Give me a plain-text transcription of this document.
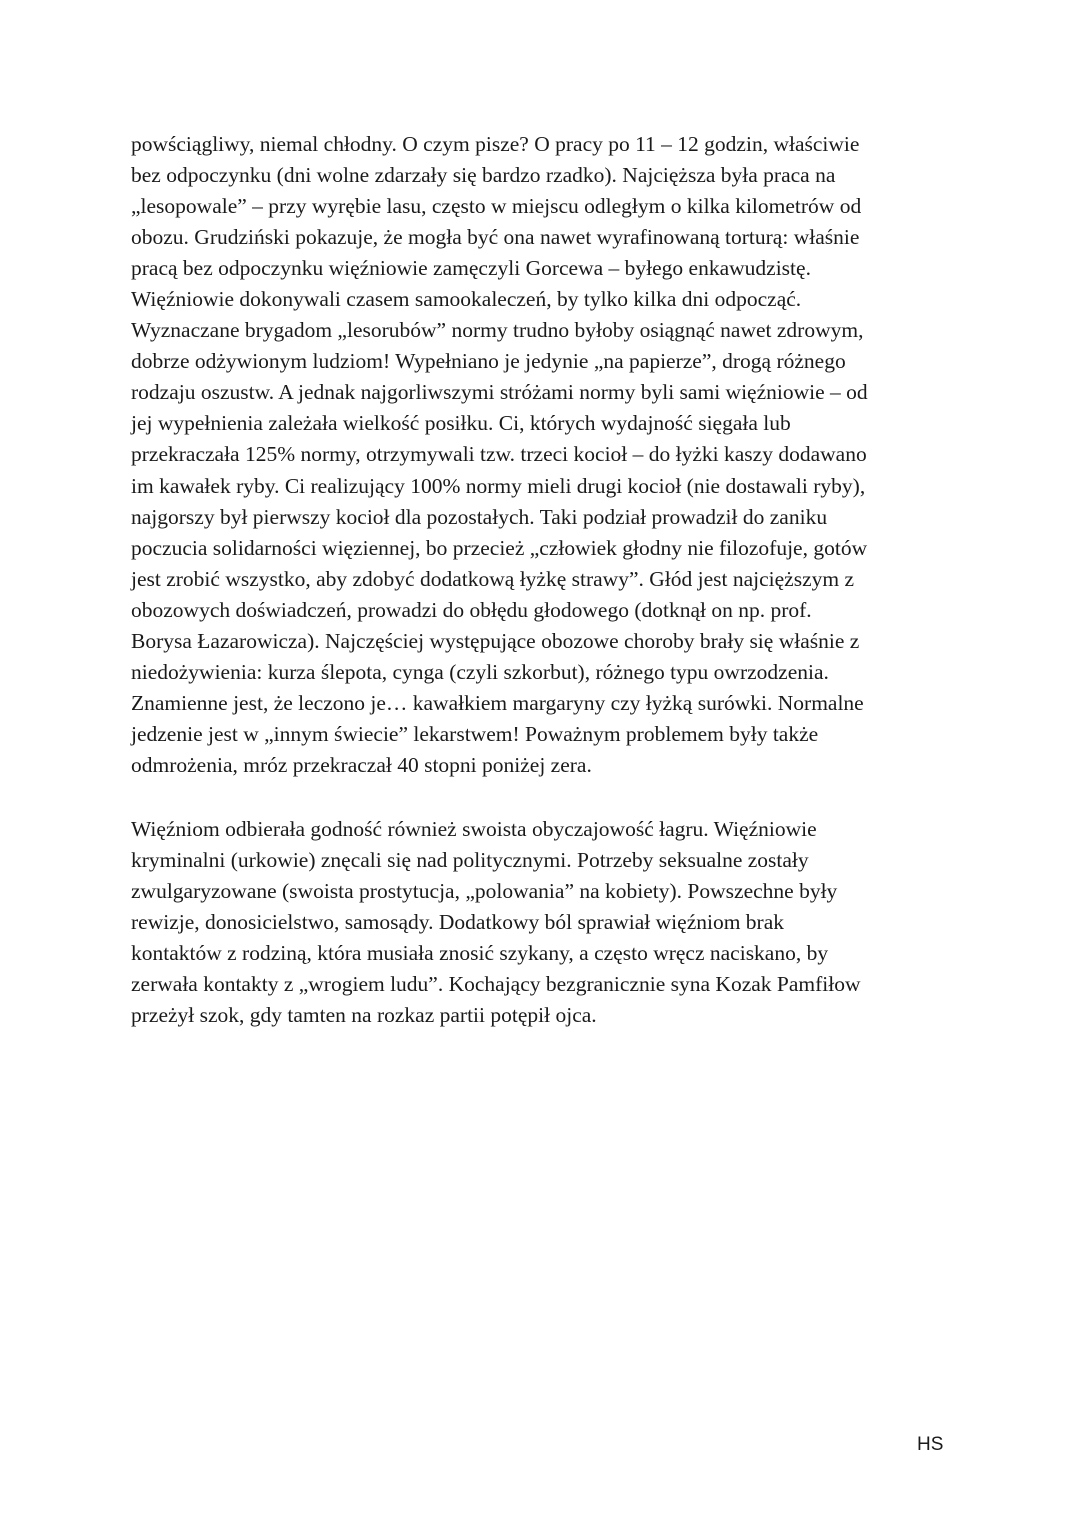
powściągliwy, niemal chłodny. O czym pisze? O pracy po 11 – 12 godzin, właściwie
bez odpoczynku (dni wolne zdarzały się bardzo rzadko). Najcięższa była praca na
„lesopowale” – przy wyrębie lasu, często w miejscu odległym o kilka kilometrów od
obozu. Grudziński pokazuje, że mogła być ona nawet wyrafinowaną torturą: właśnie
pracą bez odpoczynku więźniowie zamęczyli Gorcewa – byłego enkawudzistę.
Więźniowie dokonywali czasem samookaleczeń, by tylko kilka dni odpocząć.
Wyznaczane brygadom „lesorubów” normy trudno byłoby osiągnąć nawet zdrowym,
dobrze odżywionym ludziom! Wypełniano je jedynie „na papierze”, drogą różnego
rodzaju oszustw. A jednak najgorliwszymi stróżami normy byli sami więźniowie – od
jej wypełnienia zależała wielkość posiłku. Ci, których wydajność sięgała lub
przekraczała 125% normy, otrzymywali tzw. trzeci kocioł – do łyżki kaszy dodawano
im kawałek ryby. Ci realizujący 100% normy mieli drugi kocioł (nie dostawali ryby),
najgorszy był pierwszy kocioł dla pozostałych. Taki podział prowadził do zaniku
poczucia solidarności więziennej, bo przecież „człowiek głodny nie filozofuje, gotów
jest zrobić wszystko, aby zdobyć dodatkową łyżkę strawy”. Głód jest najcięższym z
obozowych doświadczeń, prowadzi do obłędu głodowego (dotknął on np. prof.
Borysa Łazarowicza). Najczęściej występujące obozowe choroby brały się właśnie z
niedożywienia: kurza ślepota, cynga (czyli szkorbut), różnego typu owrzodzenia.
Znamienne jest, że leczono je… kawałkiem margaryny czy łyżką surówki. Normalne
jedzenie jest w „innym świecie” lekarstwem! Poważnym problemem były także
odmrożenia, mróz przekraczał 40 stopni poniżej zera.
Więźniom odbierała godność również swoista obyczajowość łagru. Więźniowie
kryminalni (urkowie) znęcali się nad politycznymi. Potrzeby seksualne zostały
zwulgaryzowane (swoista prostytucja, „polowania” na kobiety). Powszechne były
rewizje, donosicielstwo, samosądy. Dodatkowy ból sprawiał więźniom brak
kontaktów z rodziną, która musiała znosić szykany, a często wręcz naciskano, by
zerwała kontakty z „wrogiem ludu”. Kochający bezgranicznie syna Kozak Pamfiłow
przeżył szok, gdy tamten na rozkaz partii potępił ojca.
HS
